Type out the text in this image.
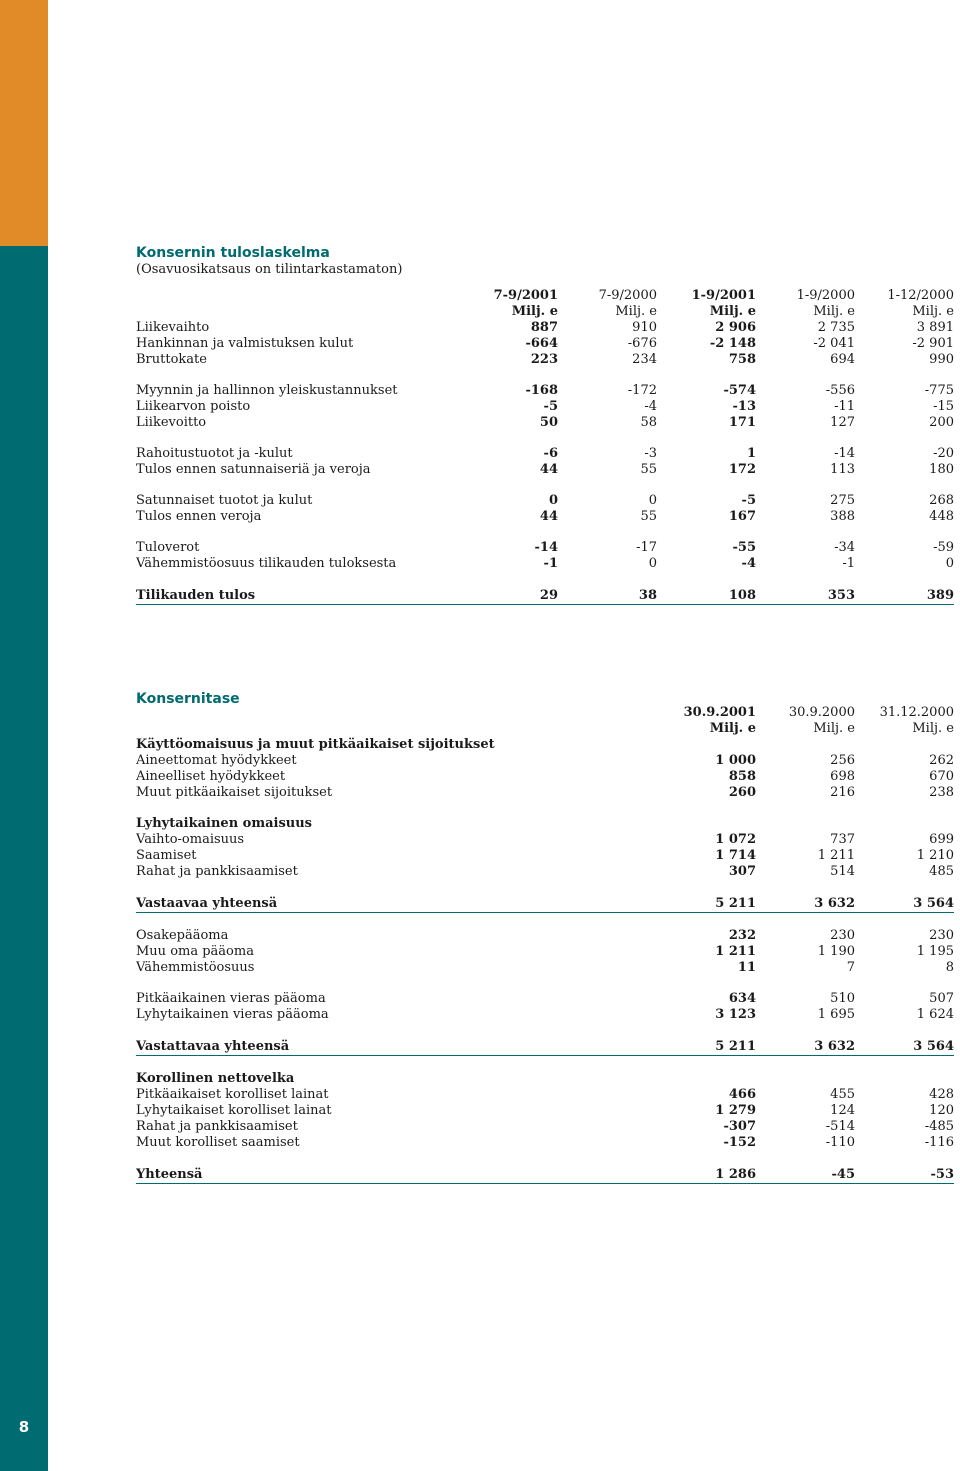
8
Konsernin tuloslaskelma
(Osavuosikatsaus on tilintarkastamaton)
	7-9/2001	7-9/2000	1-9/2001	1-9/2000	1-12/2000
	Milj. e	Milj. e	Milj. e	Milj. e	Milj. e
Liikevaihto	887	910	2 906	2 735	3 891
Hankinnan ja valmistuksen kulut	-664	-676	-2 148	-2 041	-2 901
Bruttokate	223	234	758	694	990

Myynnin ja hallinnon yleiskustannukset	-168	-172	-574	-556	-775
Liikearvon poisto	-5	-4	-13	-11	-15
Liikevoitto	50	58	171	127	200

Rahoitustuotot ja -kulut	-6	-3	1	-14	-20
Tulos ennen satunnaiseriä ja veroja	44	55	172	113	180

Satunnaiset tuotot ja kulut	0	0	-5	275	268
Tulos ennen veroja	44	55	167	388	448

Tuloverot	-14	-17	-55	-34	-59
Vähemmistöosuus tilikauden tuloksesta	-1	0	-4	-1	0

Tilikauden tulos	29	38	108	353	389
Konsernitase
	30.9.2001	30.9.2000	31.12.2000
	Milj. e	Milj. e	Milj. e
Käyttöomaisuus ja muut pitkäaikaiset sijoitukset			
Aineettomat hyödykkeet	1 000	256	262
Aineelliset hyödykkeet	858	698	670
Muut pitkäaikaiset sijoitukset	260	216	238

Lyhytaikainen omaisuus			
Vaihto-omaisuus	1 072	737	699
Saamiset	1 714	1 211	1 210
Rahat ja pankkisaamiset	307	514	485

Vastaavaa yhteensä	5 211	3 632	3 564

Osakepääoma	232	230	230
Muu oma pääoma	1 211	1 190	1 195
Vähemmistöosuus	11	7	8

Pitkäaikainen vieras pääoma	634	510	507
Lyhytaikainen vieras pääoma	3 123	1 695	1 624

Vastattavaa yhteensä	5 211	3 632	3 564

Korollinen nettovelka			
Pitkäaikaiset korolliset lainat	466	455	428
Lyhytaikaiset korolliset lainat	1 279	124	120
Rahat ja pankkisaamiset	-307	-514	-485
Muut korolliset saamiset	-152	-110	-116

Yhteensä	1 286	-45	-53
